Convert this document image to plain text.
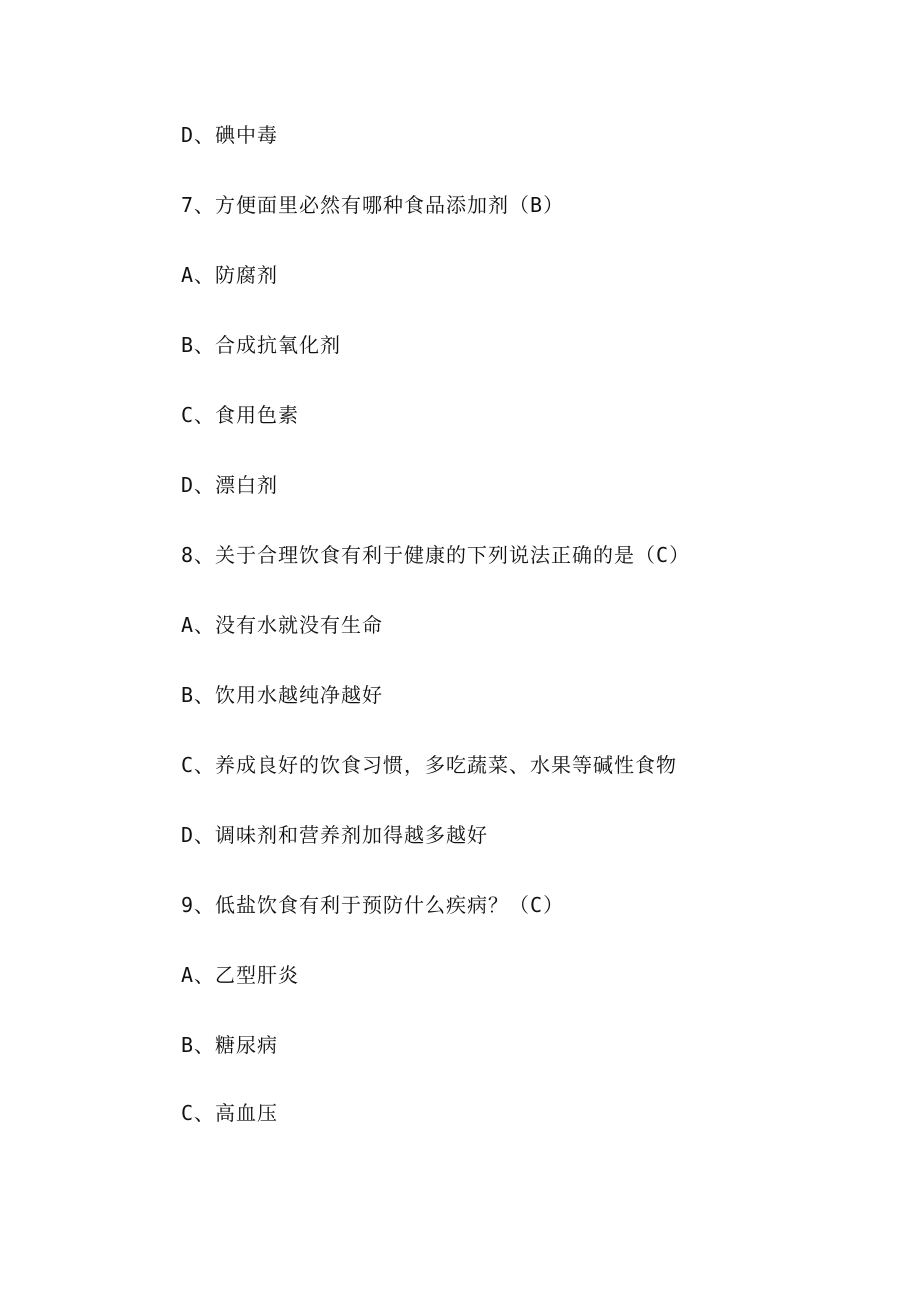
D、碘中毒
7、方便面里必然有哪种食品添加剂（B）
A、防腐剂
B、合成抗氧化剂
C、食用色素
D、漂白剂
8、关于合理饮食有利于健康的下列说法正确的是（C）
A、没有水就没有生命
B、饮用水越纯净越好
C、养成良好的饮食习惯，多吃蔬菜、水果等碱性食物
D、调味剂和营养剂加得越多越好
9、低盐饮食有利于预防什么疾病？（C）
A、乙型肝炎
B、糖尿病
C、高血压
